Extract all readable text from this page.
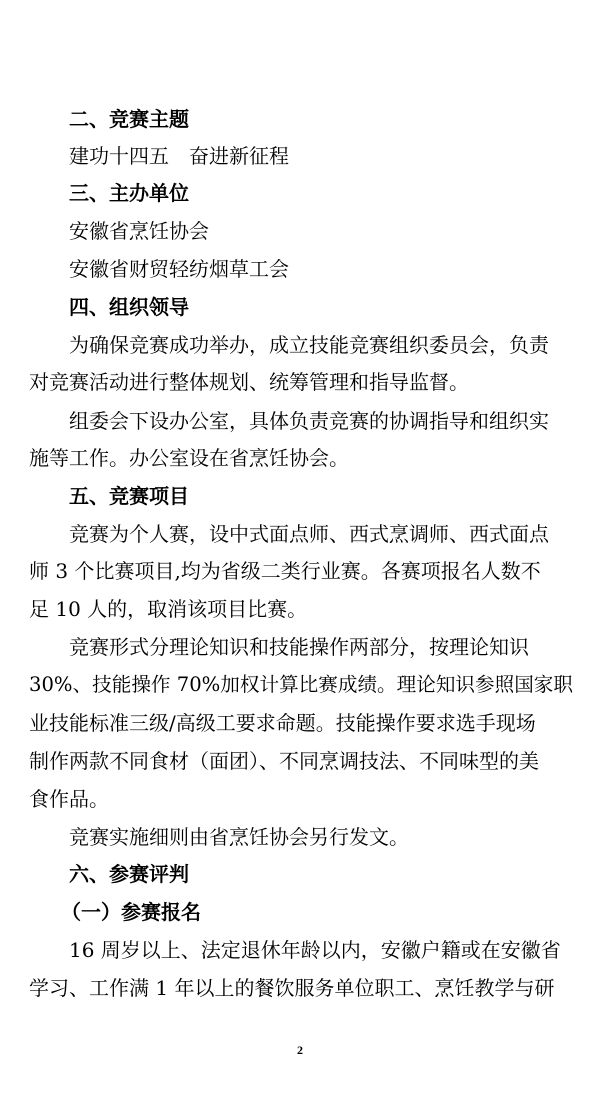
二、竞赛主题
建功十四五　奋进新征程
三、主办单位
安徽省烹饪协会
安徽省财贸轻纺烟草工会
四、组织领导
为确保竞赛成功举办，成立技能竞赛组织委员会，负责
对竞赛活动进行整体规划、统筹管理和指导监督。
组委会下设办公室，具体负责竞赛的协调指导和组织实
施等工作。办公室设在省烹饪协会。
五、竞赛项目
竞赛为个人赛，设中式面点师、西式烹调师、西式面点
师 3 个比赛项目,均为省级二类行业赛。各赛项报名人数不
足 10 人的，取消该项目比赛。
竞赛形式分理论知识和技能操作两部分，按理论知识
30%、技能操作 70%加权计算比赛成绩。理论知识参照国家职
业技能标准三级/高级工要求命题。技能操作要求选手现场
制作两款不同食材（面团）、不同烹调技法、不同味型的美
食作品。
竞赛实施细则由省烹饪协会另行发文。
六、参赛评判
（一）参赛报名
16 周岁以上、法定退休年龄以内，安徽户籍或在安徽省
学习、工作满 1 年以上的餐饮服务单位职工、烹饪教学与研
2
